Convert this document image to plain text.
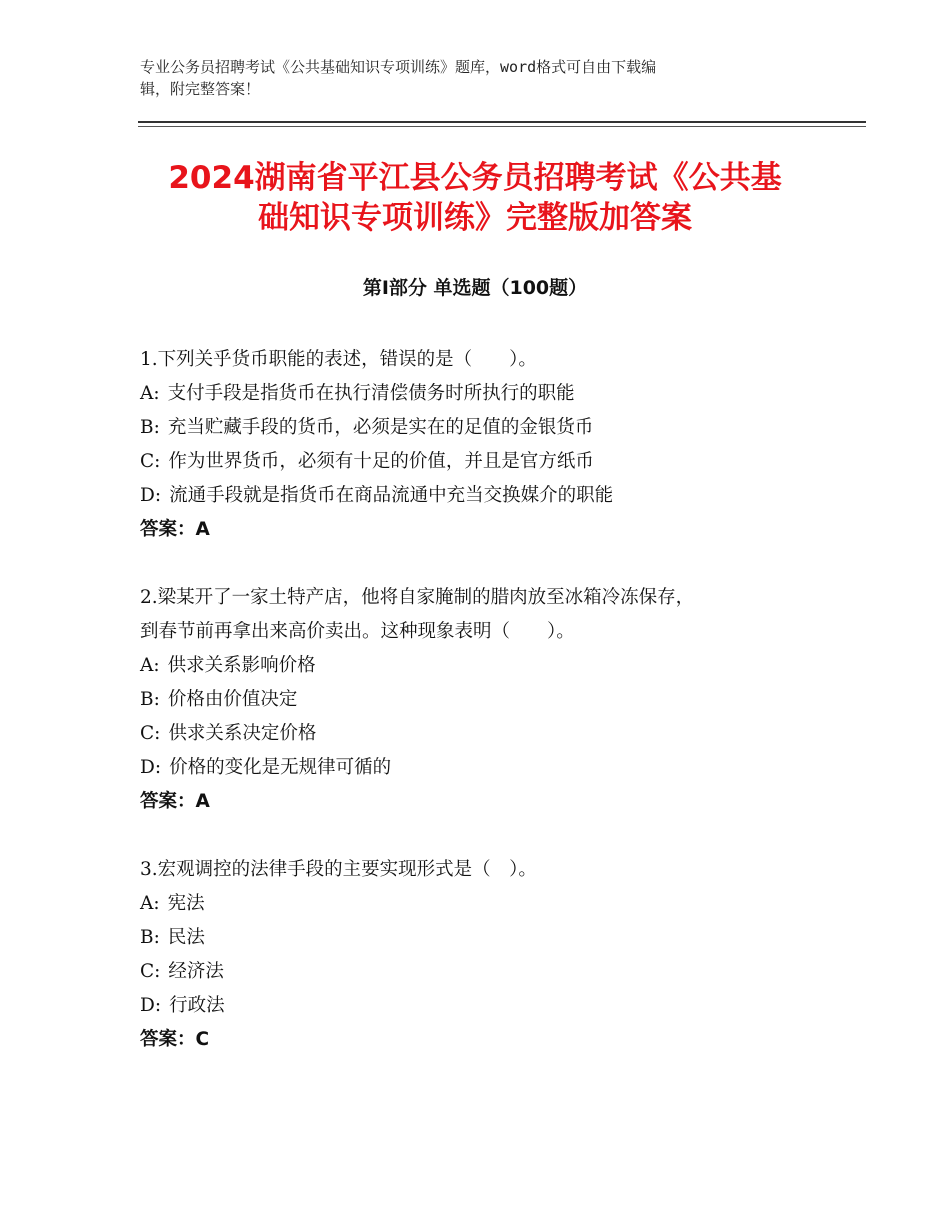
专业公务员招聘考试《公共基础知识专项训练》题库，word格式可自由下载编
辑，附完整答案！
2024湖南省平江县公务员招聘考试《公共基
础知识专项训练》完整版加答案
第Ⅰ部分 单选题（100题）
1.下列关乎货币职能的表述，错误的是（　　）。
A: 支付手段是指货币在执行清偿债务时所执行的职能
B: 充当贮藏手段的货币，必须是实在的足值的金银货币
C: 作为世界货币，必须有十足的价值，并且是官方纸币
D: 流通手段就是指货币在商品流通中充当交换媒介的职能
答案：A
2.梁某开了一家土特产店，他将自家腌制的腊肉放至冰箱冷冻保存，
到春节前再拿出来高价卖出。这种现象表明（　　）。
A: 供求关系影响价格
B: 价格由价值决定
C: 供求关系决定价格
D: 价格的变化是无规律可循的
答案：A
3.宏观调控的法律手段的主要实现形式是（　）。
A: 宪法
B: 民法
C: 经济法
D: 行政法
答案：C
